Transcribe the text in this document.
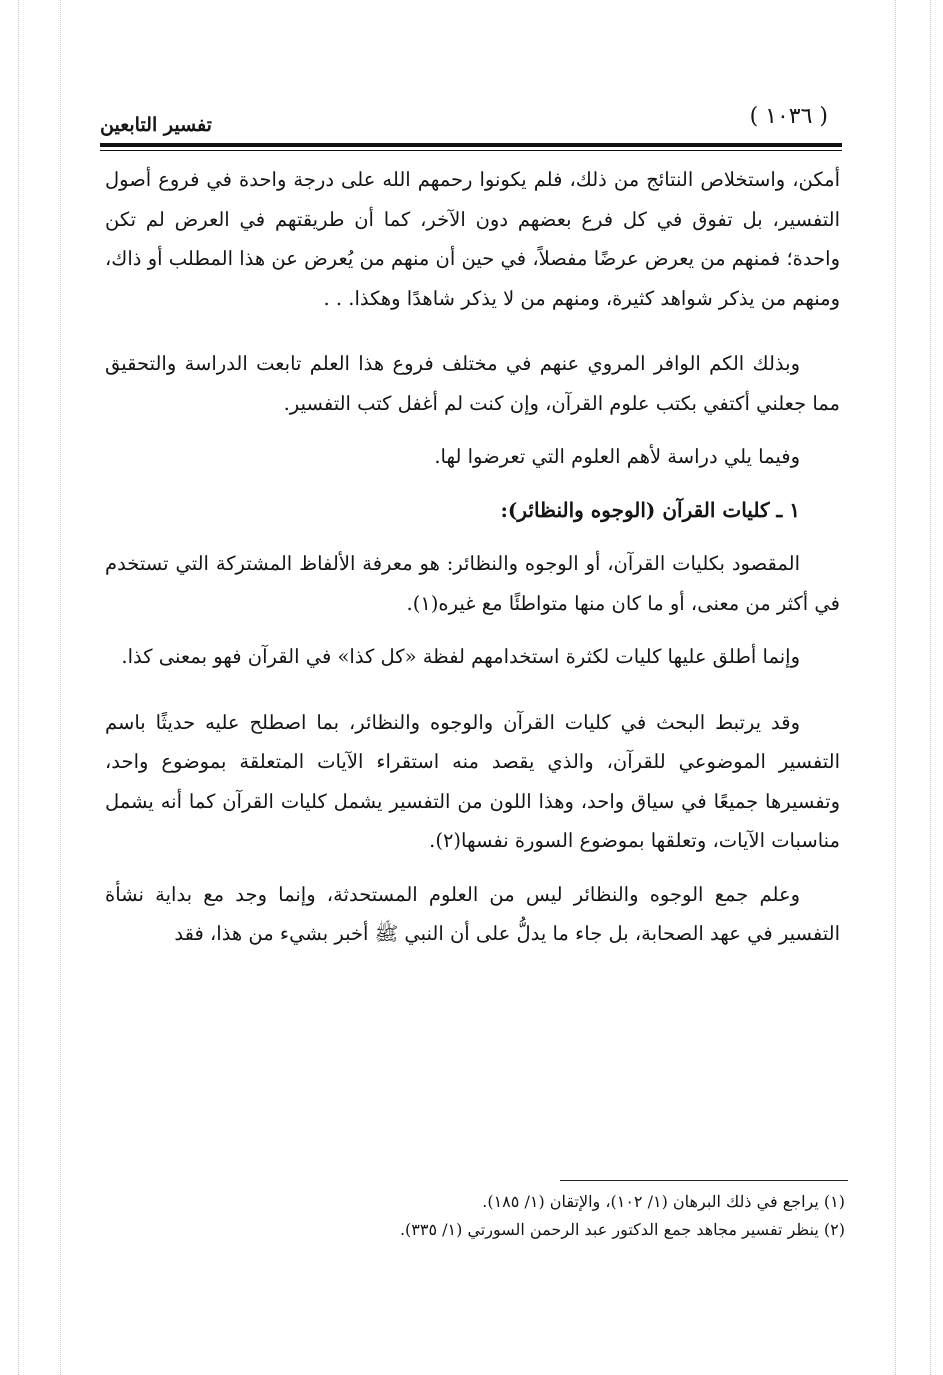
( ١٠٣٦ )
تفسير التابعين

أمكن، واستخلاص النتائج من ذلك، فلم يكونوا رحمهم الله على درجة واحدة في فروع أصول التفسير، بل تفوق في كل فرع بعضهم دون الآخر، كما أن طريقتهم في العرض لم تكن واحدة؛ فمنهم من يعرض عرضًا مفصلاً، في حين أن منهم من يُعرض عن هذا المطلب أو ذاك، ومنهم من يذكر شواهد كثيرة، ومنهم من لا يذكر شاهدًا وهكذا. . .

وبذلك الكم الوافر المروي عنهم في مختلف فروع هذا العلم تابعت الدراسة والتحقيق مما جعلني أكتفي بكتب علوم القرآن، وإن كنت لم أغفل كتب التفسير.

وفيما يلي دراسة لأهم العلوم التي تعرضوا لها.

١ ـ كليات القرآن (الوجوه والنظائر):

المقصود بكليات القرآن، أو الوجوه والنظائر: هو معرفة الألفاظ المشتركة التي تستخدم في أكثر من معنى، أو ما كان منها متواطئًا مع غيره(١).

وإنما أطلق عليها كليات لكثرة استخدامهم لفظة «كل كذا» في القرآن فهو بمعنى كذا.

وقد يرتبط البحث في كليات القرآن والوجوه والنظائر، بما اصطلح عليه حديثًا باسم التفسير الموضوعي للقرآن، والذي يقصد منه استقراء الآيات المتعلقة بموضوع واحد، وتفسيرها جميعًا في سياق واحد، وهذا اللون من التفسير يشمل كليات القرآن كما أنه يشمل مناسبات الآيات، وتعلقها بموضوع السورة نفسها(٢).

وعلم جمع الوجوه والنظائر ليس من العلوم المستحدثة، وإنما وجد مع بداية نشأة التفسير في عهد الصحابة، بل جاء ما يدلُّ على أن النبي ﷺ أخبر بشيء من هذا، فقد

(١) يراجع في ذلك البرهان (١/ ١٠٢)، والإتقان (١/ ١٨٥).

(٢) ينظر تفسير مجاهد جمع الدكتور عبد الرحمن السورتي (١/ ٣٣٥).
